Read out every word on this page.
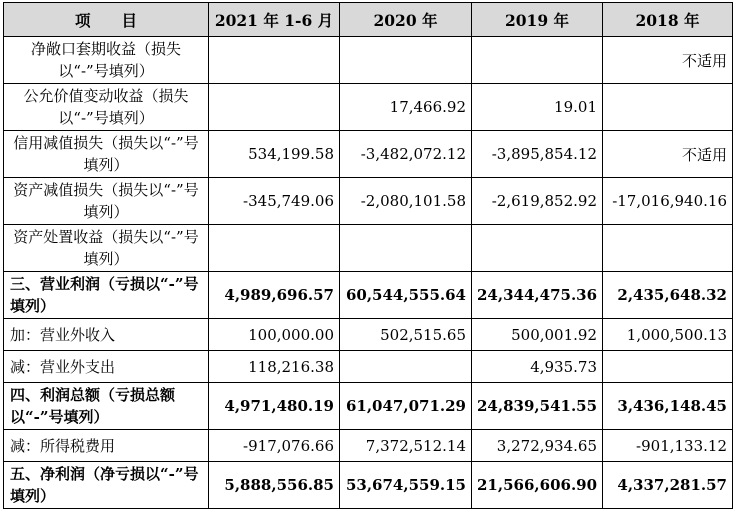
项　　目	2021 年 1-6 月	2020 年	2019 年	2018 年
净敞口套期收益（损失以“-”号填列）				不适用
公允价值变动收益（损失以“-”号填列）		17,466.92	19.01	
信用减值损失（损失以“-”号填列）	534,199.58	-3,482,072.12	-3,895,854.12	不适用
资产减值损失（损失以“-”号填列）	-345,749.06	-2,080,101.58	-2,619,852.92	-17,016,940.16
资产处置收益（损失以“-”号填列）				
三、营业利润（亏损以“-”号填列）	4,989,696.57	60,544,555.64	24,344,475.36	2,435,648.32
加：营业外收入	100,000.00	502,515.65	500,001.92	1,000,500.13
减：营业外支出	118,216.38		4,935.73	
四、利润总额（亏损总额以“-”号填列）	4,971,480.19	61,047,071.29	24,839,541.55	3,436,148.45
减：所得税费用	-917,076.66	7,372,512.14	3,272,934.65	-901,133.12
五、净利润（净亏损以“-”号填列）	5,888,556.85	53,674,559.15	21,566,606.90	4,337,281.57
